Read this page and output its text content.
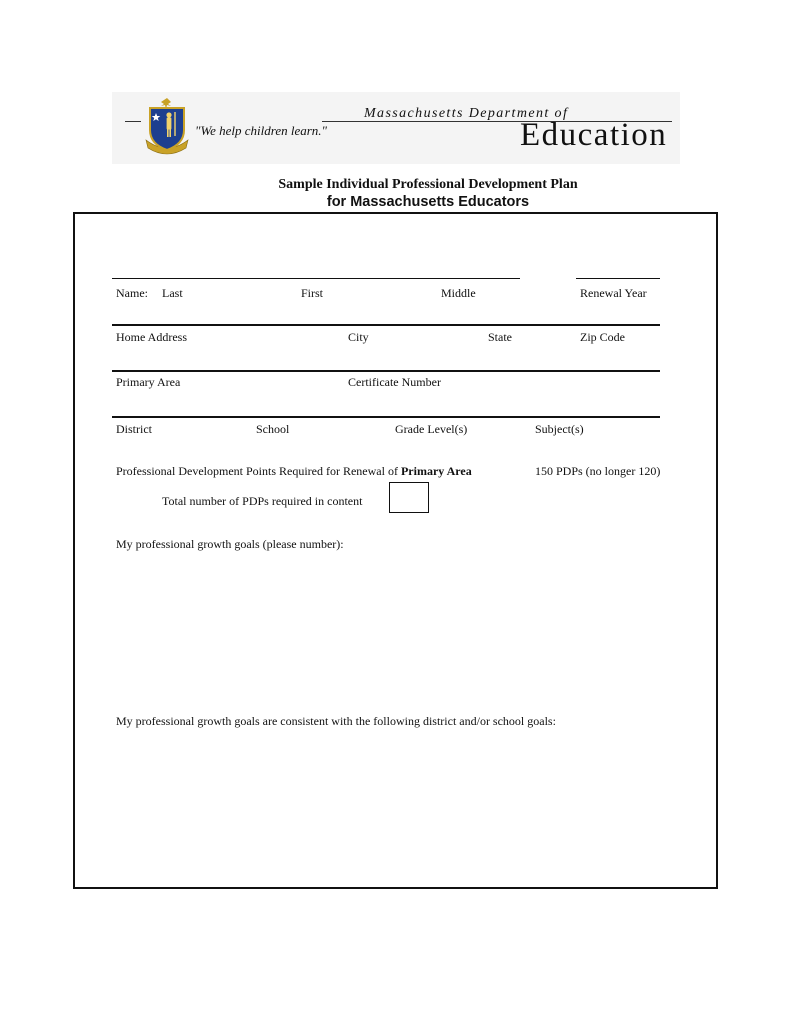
"We help children learn."
Massachusetts Department of
Education
Sample Individual Professional Development Plan
for Massachusetts Educators
Name: Last	First	Middle	Renewal Year
Home Address	City	State	Zip Code
Primary Area	Certificate Number
District	School	Grade Level(s)	Subject(s)
Professional Development Points Required for Renewal of Primary Area	150 PDPs (no longer 120)
Total number of PDPs required in content
My professional growth goals (please number):
My professional growth goals are consistent with the following district and/or school goals:
